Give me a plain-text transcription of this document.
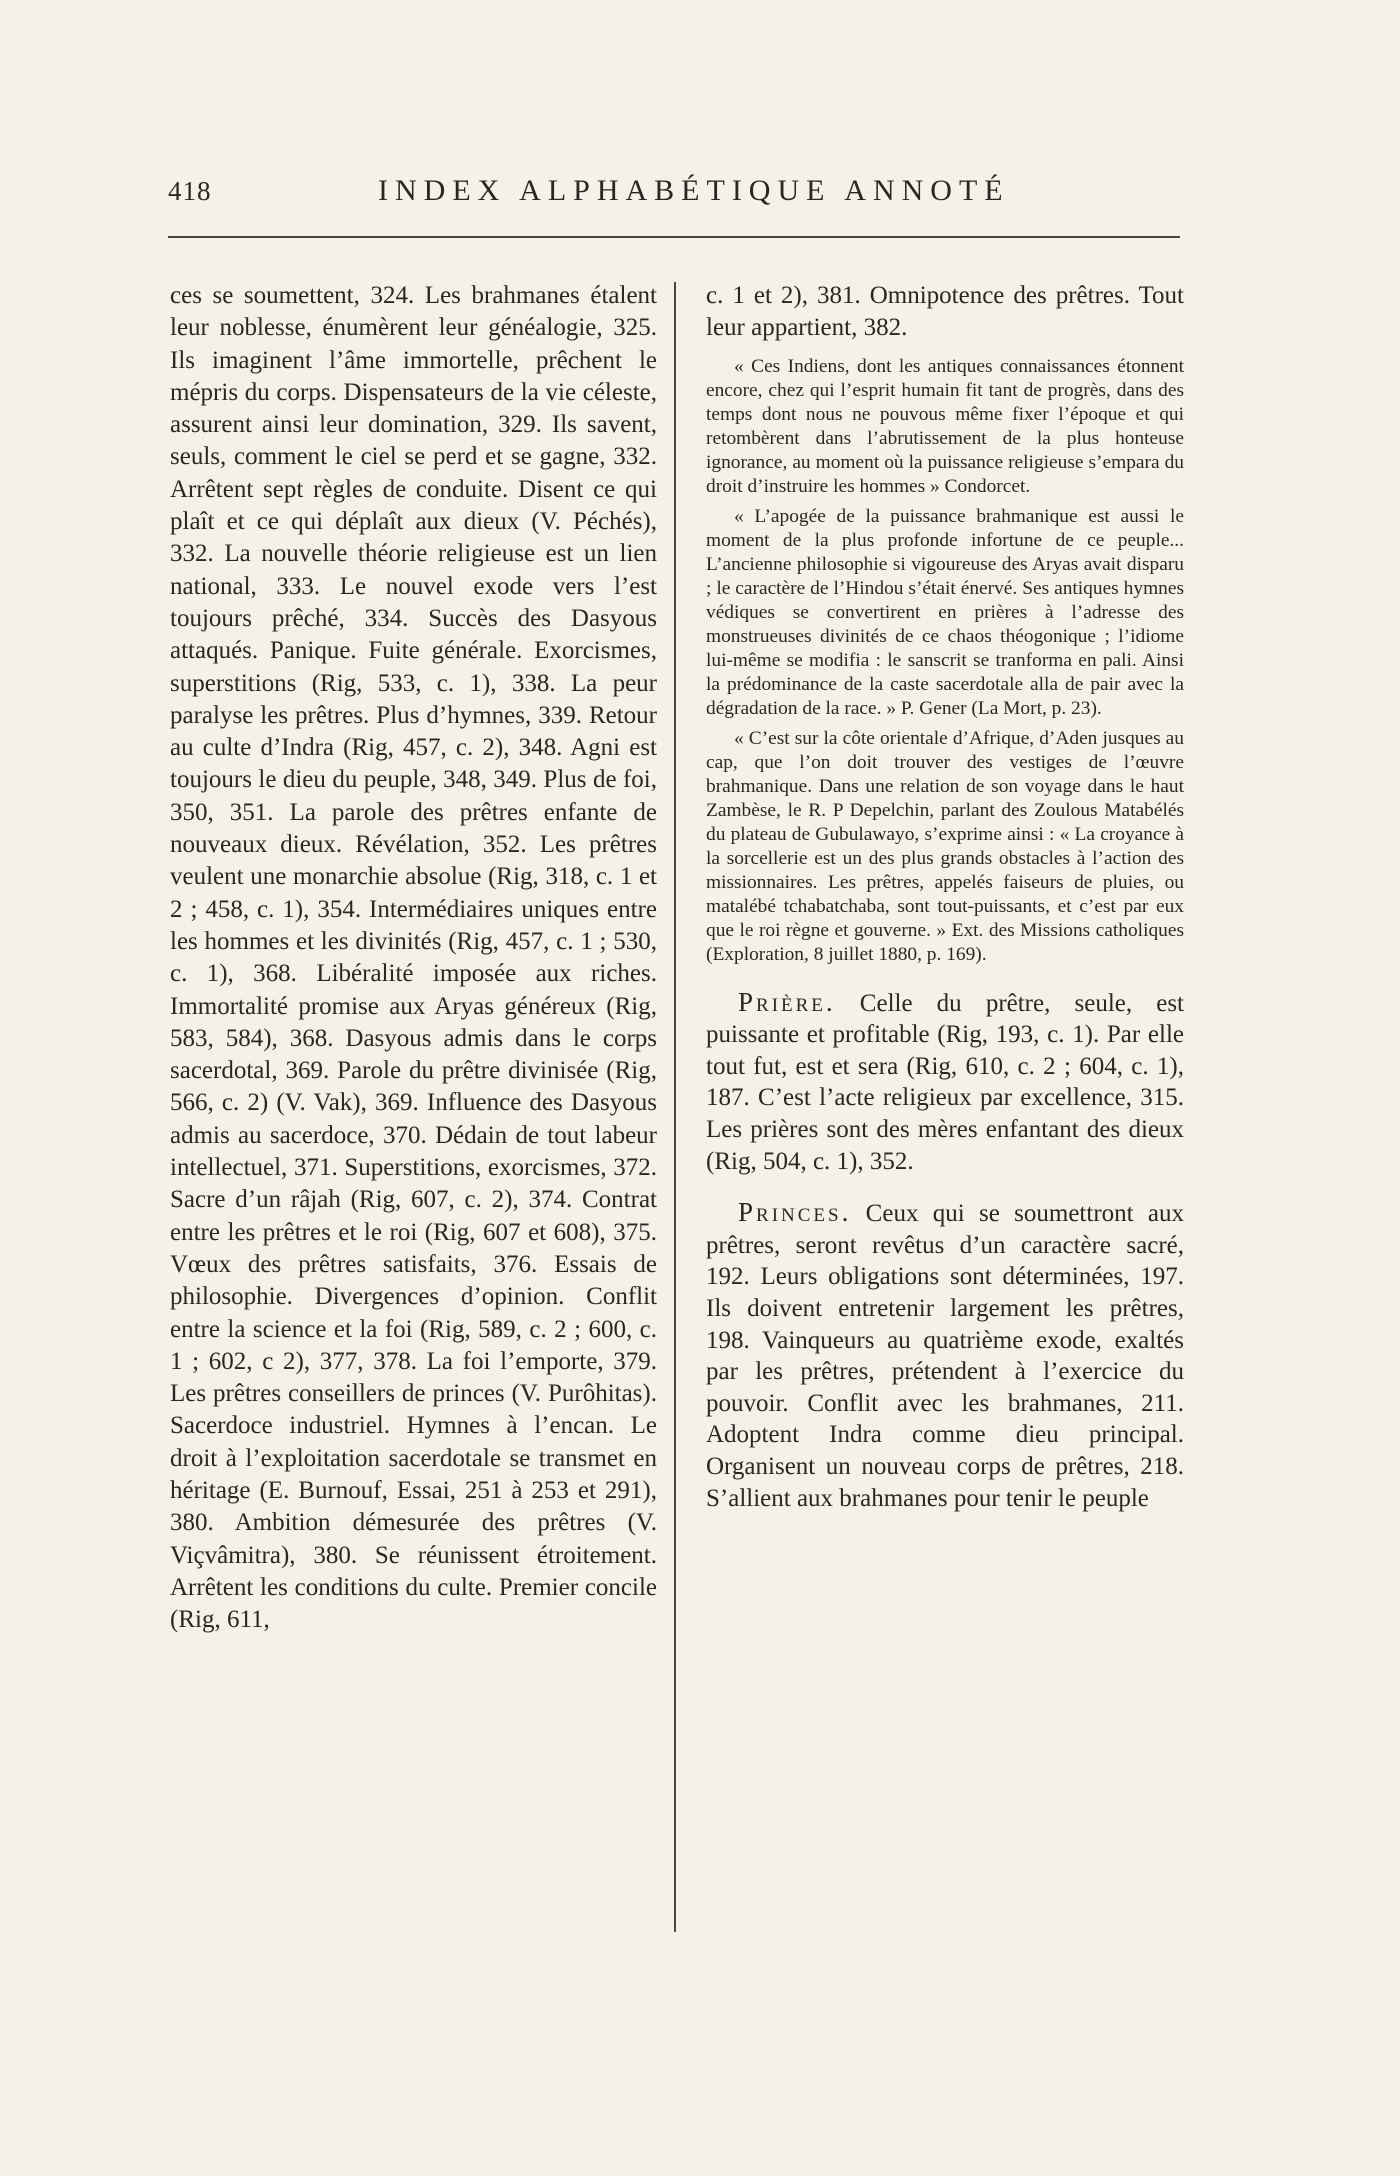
418	INDEX ALPHABÉTIQUE ANNOTÉ

ces se soumettent, 324. Les brahmanes étalent leur noblesse, énumèrent leur généalogie, 325. Ils imaginent l’âme immortelle, prêchent le mépris du corps. Dispensateurs de la vie céleste, assurent ainsi leur domination, 329. Ils savent, seuls, comment le ciel se perd et se gagne, 332. Arrêtent sept règles de conduite. Disent ce qui plaît et ce qui déplaît aux dieux (V. Péchés), 332. La nouvelle théorie religieuse est un lien national, 333. Le nouvel exode vers l’est toujours prêché, 334. Succès des Dasyous attaqués. Panique. Fuite générale. Exorcismes, superstitions (Rig, 533, c. 1), 338. La peur paralyse les prêtres. Plus d’hymnes, 339. Retour au culte d’Indra (Rig, 457, c. 2), 348. Agni est toujours le dieu du peuple, 348, 349. Plus de foi, 350, 351. La parole des prêtres enfante de nouveaux dieux. Révélation, 352. Les prêtres veulent une monarchie absolue (Rig, 318, c. 1 et 2 ; 458, c. 1), 354. Intermédiaires uniques entre les hommes et les divinités (Rig, 457, c. 1 ; 530, c. 1), 368. Libéralité imposée aux riches. Immortalité promise aux Aryas généreux (Rig, 583, 584), 368. Dasyous admis dans le corps sacerdotal, 369. Parole du prêtre divinisée (Rig, 566, c. 2) (V. Vak), 369. Influence des Dasyous admis au sacerdoce, 370. Dédain de tout labeur intellectuel, 371. Superstitions, exorcismes, 372. Sacre d’un râjah (Rig, 607, c. 2), 374. Contrat entre les prêtres et le roi (Rig, 607 et 608), 375. Vœux des prêtres satisfaits, 376. Essais de philosophie. Divergences d’opinion. Conflit entre la science et la foi (Rig, 589, c. 2 ; 600, c. 1 ; 602, c 2), 377, 378. La foi l’emporte, 379. Les prêtres conseillers de princes (V. Purôhitas). Sacerdoce industriel. Hymnes à l’encan. Le droit à l’exploitation sacerdotale se transmet en héritage (E. Burnouf, Essai, 251 à 253 et 291), 380. Ambition démesurée des prêtres (V. Viçvâmitra), 380. Se réunissent étroitement. Arrêtent les conditions du culte. Premier concile (Rig, 611,

c. 1 et 2), 381. Omnipotence des prêtres. Tout leur appartient, 382.

« Ces Indiens, dont les antiques connaissances étonnent encore, chez qui l’esprit humain fit tant de progrès, dans des temps dont nous ne pouvous même fixer l’époque et qui retombèrent dans l’abrutissement de la plus honteuse ignorance, au moment où la puissance religieuse s’empara du droit d’instruire les hommes » Condorcet.

« L’apogée de la puissance brahmanique est aussi le moment de la plus profonde infortune de ce peuple... L’ancienne philosophie si vigoureuse des Aryas avait disparu ; le caractère de l’Hindou s’était énervé. Ses antiques hymnes védiques se convertirent en prières à l’adresse des monstrueuses divinités de ce chaos théogonique ; l’idiome lui-même se modifia : le sanscrit se tranforma en pali. Ainsi la prédominance de la caste sacerdotale alla de pair avec la dégradation de la race. » P. Gener (La Mort, p. 23).

« C’est sur la côte orientale d’Afrique, d’Aden jusques au cap, que l’on doit trouver des vestiges de l’œuvre brahmanique. Dans une relation de son voyage dans le haut Zambèse, le R. P Depelchin, parlant des Zoulous Matabélés du plateau de Gubulawayo, s’exprime ainsi : « La croyance à la sorcellerie est un des plus grands obstacles à l’action des missionnaires. Les prêtres, appelés faiseurs de pluies, ou matalébé tchabatchaba, sont tout-puissants, et c’est par eux que le roi règne et gouverne. » Ext. des Missions catholiques (Exploration, 8 juillet 1880, p. 169).

Prière. Celle du prêtre, seule, est puissante et profitable (Rig, 193, c. 1). Par elle tout fut, est et sera (Rig, 610, c. 2 ; 604, c. 1), 187. C’est l’acte religieux par excellence, 315. Les prières sont des mères enfantant des dieux (Rig, 504, c. 1), 352.

Princes. Ceux qui se soumettront aux prêtres, seront revêtus d’un caractère sacré, 192. Leurs obligations sont déterminées, 197. Ils doivent entretenir largement les prêtres, 198. Vainqueurs au quatrième exode, exaltés par les prêtres, prétendent à l’exercice du pouvoir. Conflit avec les brahmanes, 211. Adoptent Indra comme dieu principal. Organisent un nouveau corps de prêtres, 218. S’allient aux brahmanes pour tenir le peuple
